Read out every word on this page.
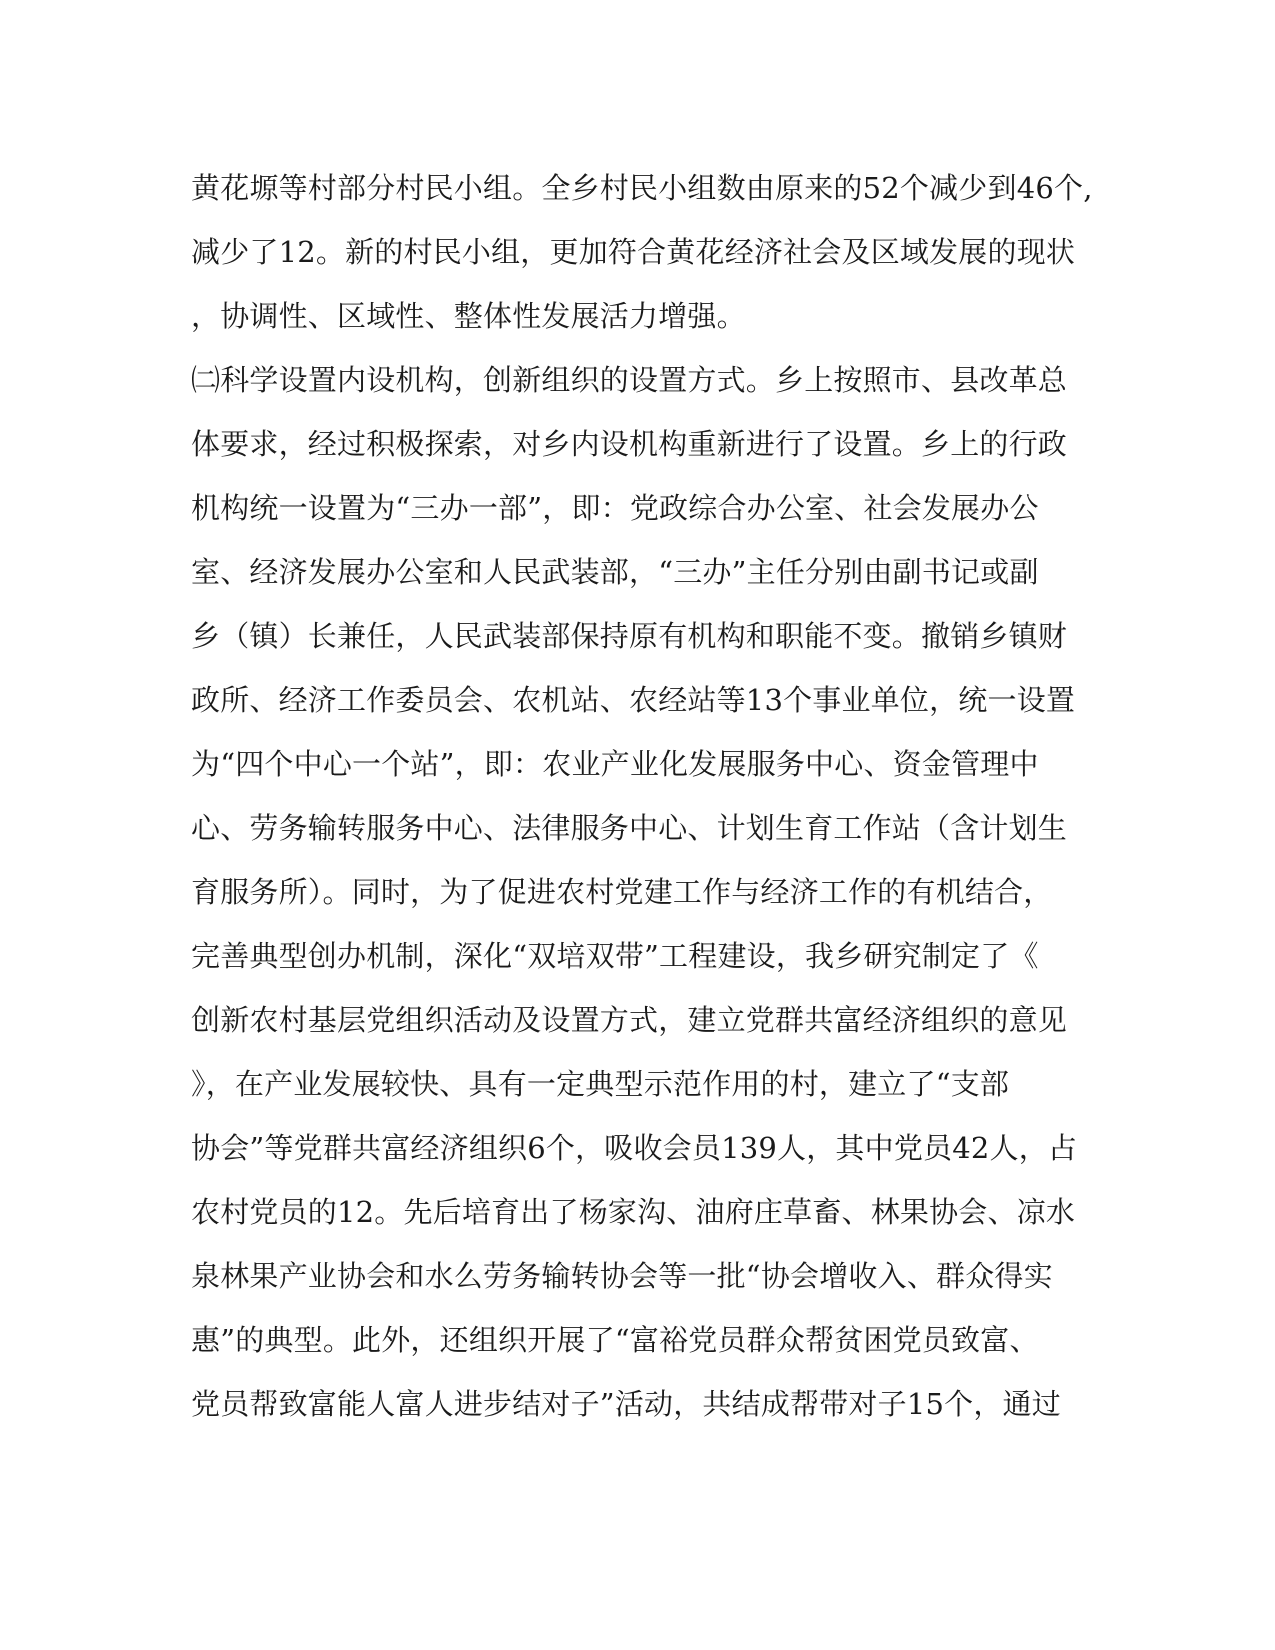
黄花塬等村部分村民小组。全乡村民小组数由原来的52个减少到46个,
减少了12。新的村民小组，更加符合黄花经济社会及区域发展的现状
，协调性、区域性、整体性发展活力增强。
㈡科学设置内设机构，创新组织的设置方式。乡上按照市、县改革总
体要求，经过积极探索，对乡内设机构重新进行了设置。乡上的行政
机构统一设置为“三办一部”，即：党政综合办公室、社会发展办公
室、经济发展办公室和人民武装部，“三办”主任分别由副书记或副
乡（镇）长兼任，人民武装部保持原有机构和职能不变。撤销乡镇财
政所、经济工作委员会、农机站、农经站等13个事业单位，统一设置
为“四个中心一个站”，即：农业产业化发展服务中心、资金管理中
心、劳务输转服务中心、法律服务中心、计划生育工作站（含计划生
育服务所）。同时，为了促进农村党建工作与经济工作的有机结合，
完善典型创办机制，深化“双培双带”工程建设，我乡研究制定了《
创新农村基层党组织活动及设置方式，建立党群共富经济组织的意见
》，在产业发展较快、具有一定典型示范作用的村，建立了“支部
协会”等党群共富经济组织6个，吸收会员139人，其中党员42人，占
农村党员的12。先后培育出了杨家沟、油府庄草畜、林果协会、凉水
泉林果产业协会和水么劳务输转协会等一批“协会增收入、群众得实
惠”的典型。此外，还组织开展了“富裕党员群众帮贫困党员致富、
党员帮致富能人富人进步结对子”活动，共结成帮带对子15个，通过
